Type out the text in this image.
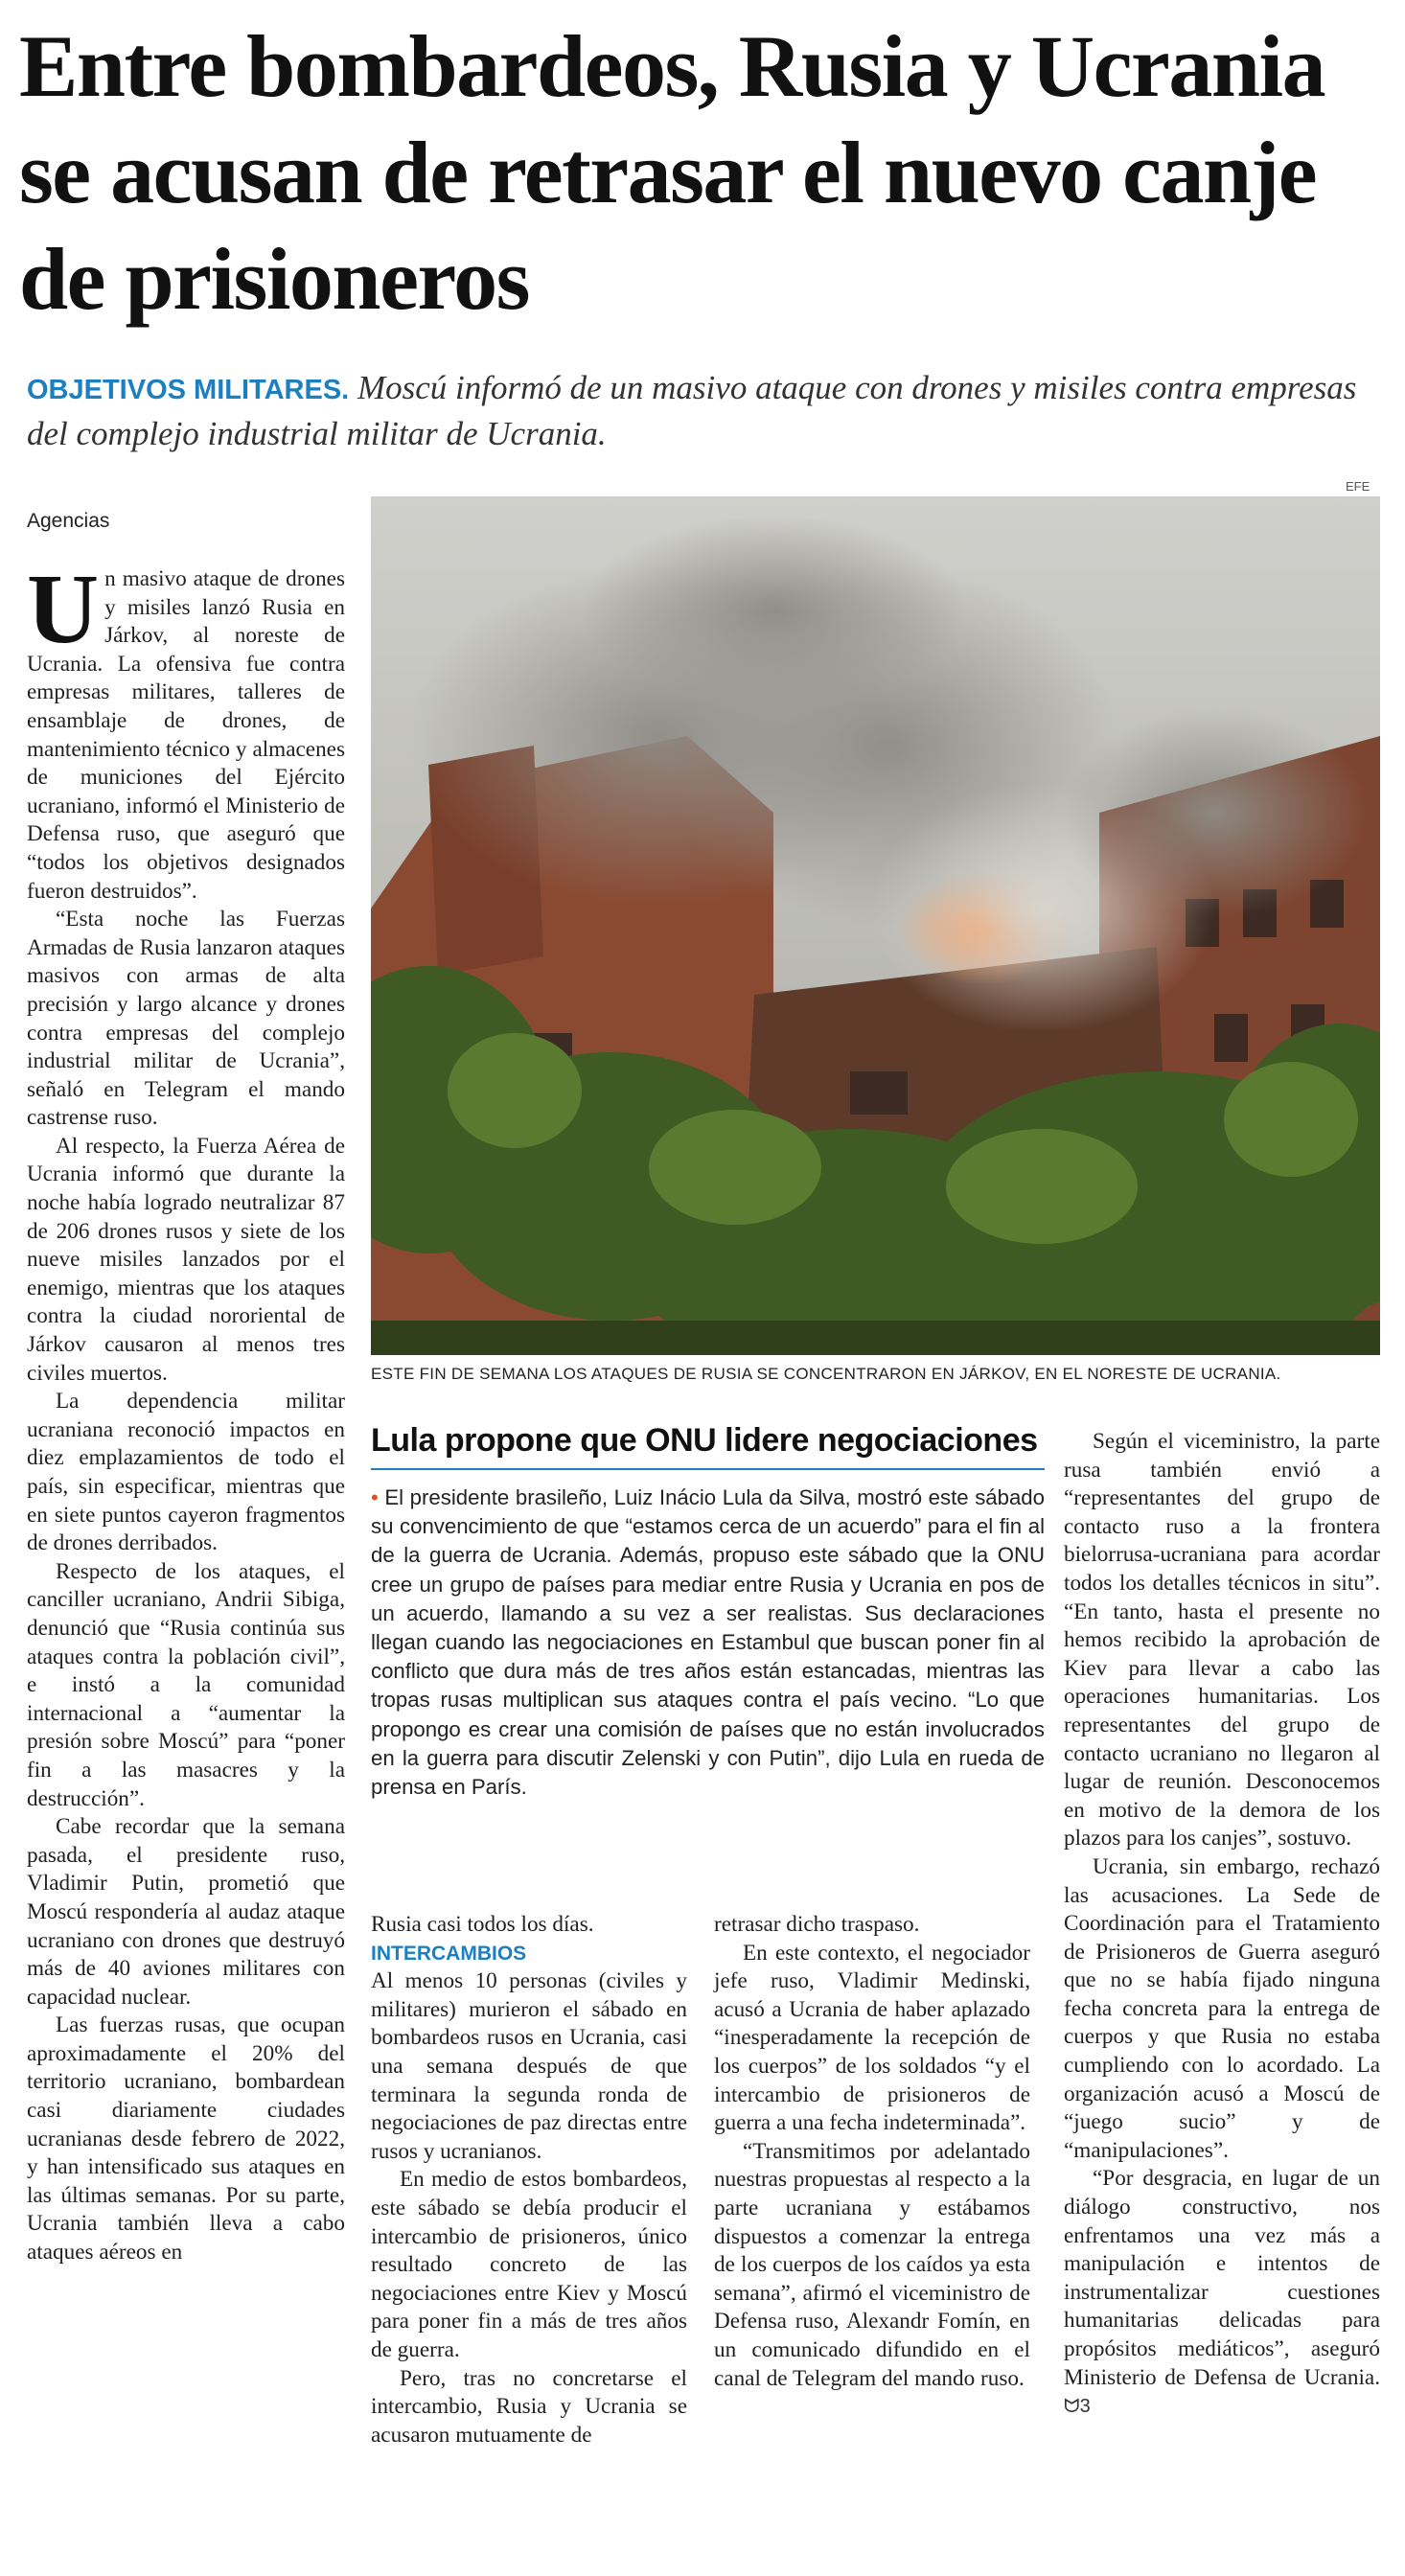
Entre bombardeos, Rusia y Ucrania se acusan de retrasar el nuevo canje de prisioneros

OBJETIVOS MILITARES. Moscú informó de un masivo ataque con drones y misiles contra empresas del complejo industrial militar de Ucrania.

Agencias
EFE
ESTE FIN DE SEMANA LOS ATAQUES DE RUSIA SE CONCENTRARON EN JÁRKOV, EN EL NORESTE DE UCRANIA.

Un masivo ataque de drones y misiles lanzó Rusia en Járkov, al noreste de Ucrania. La ofensiva fue contra empresas militares, talleres de ensamblaje de drones, de mantenimiento técnico y almacenes de municiones del Ejército ucraniano, informó el Ministerio de Defensa ruso, que aseguró que “todos los objetivos designados fueron destruidos”.

“Esta noche las Fuerzas Armadas de Rusia lanzaron ataques masivos con armas de alta precisión y largo alcance y drones contra empresas del complejo industrial militar de Ucrania”, señaló en Telegram el mando castrense ruso.

Al respecto, la Fuerza Aérea de Ucrania informó que durante la noche había logrado neutralizar 87 de 206 drones rusos y siete de los nueve misiles lanzados por el enemigo, mientras que los ataques contra la ciudad nororiental de Járkov causaron al menos tres civiles muertos.

La dependencia militar ucraniana reconoció impactos en diez emplazamientos de todo el país, sin especificar, mientras que en siete puntos cayeron fragmentos de drones derribados.

Respecto de los ataques, el canciller ucraniano, Andrii Sibiga, denunció que “Rusia continúa sus ataques contra la población civil”, e instó a la comunidad internacional a “aumentar la presión sobre Moscú” para “poner fin a las masacres y la destrucción”.

Cabe recordar que la semana pasada, el presidente ruso, Vladimir Putin, prometió que Moscú respondería al audaz ataque ucraniano con drones que destruyó más de 40 aviones militares con capacidad nuclear.

Las fuerzas rusas, que ocupan aproximadamente el 20% del territorio ucraniano, bombardean casi diariamente ciudades ucranianas desde febrero de 2022, y han intensificado sus ataques en las últimas semanas. Por su parte, Ucrania también lleva a cabo ataques aéreos en

Lula propone que ONU lidere negociaciones
• El presidente brasileño, Luiz Inácio Lula da Silva, mostró este sábado su convencimiento de que “estamos cerca de un acuerdo” para el fin al de la guerra de Ucrania. Además, propuso este sábado que la ONU cree un grupo de países para mediar entre Rusia y Ucrania en pos de un acuerdo, llamando a su vez a ser realistas. Sus declaraciones llegan cuando las negociaciones en Estambul que buscan poner fin al conflicto que dura más de tres años están estancadas, mientras las tropas rusas multiplican sus ataques contra el país vecino. “Lo que propongo es crear una comisión de países que no están involucrados en la guerra para discutir Zelenski y con Putin”, dijo Lula en rueda de prensa en París.

Rusia casi todos los días.

INTERCAMBIOS

Al menos 10 personas (civiles y militares) murieron el sábado en bombardeos rusos en Ucrania, casi una semana después de que terminara la segunda ronda de negociaciones de paz directas entre rusos y ucranianos.

En medio de estos bombardeos, este sábado se debía producir el intercambio de prisioneros, único resultado concreto de las negociaciones entre Kiev y Moscú para poner fin a más de tres años de guerra.

Pero, tras no concretarse el intercambio, Rusia y Ucrania se acusaron mutuamente de

retrasar dicho traspaso.

En este contexto, el negociador jefe ruso, Vladimir Medinski, acusó a Ucrania de haber aplazado “inesperadamente la recepción de los cuerpos” de los soldados “y el intercambio de prisioneros de guerra a una fecha indeterminada”.

“Transmitimos por adelantado nuestras propuestas al respecto a la parte ucraniana y estábamos dispuestos a comenzar la entrega de los cuerpos de los caídos ya esta semana”, afirmó el viceministro de Defensa ruso, Alexandr Fomín, en un comunicado difundido en el canal de Telegram del mando ruso.

Según el viceministro, la parte rusa también envió a “representantes del grupo de contacto ruso a la frontera bielorrusa-ucraniana para acordar todos los detalles técnicos in situ”. “En tanto, hasta el presente no hemos recibido la aprobación de Kiev para llevar a cabo las operaciones humanitarias. Los representantes del grupo de contacto ucraniano no llegaron al lugar de reunión. Desconocemos en motivo de la demora de los plazos para los canjes”, sostuvo.

Ucrania, sin embargo, rechazó las acusaciones. La Sede de Coordinación para el Tratamiento de Prisioneros de Guerra aseguró que no se había fijado ninguna fecha concreta para la entrega de cuerpos y que Rusia no estaba cumpliendo con lo acordado. La organización acusó a Moscú de “juego sucio” y de “manipulaciones”.

“Por desgracia, en lugar de un diálogo constructivo, nos enfrentamos una vez más a manipulación e intentos de instrumentalizar cuestiones humanitarias delicadas para propósitos mediáticos”, aseguró Ministerio de Defensa de Ucrania. ᗢ3
